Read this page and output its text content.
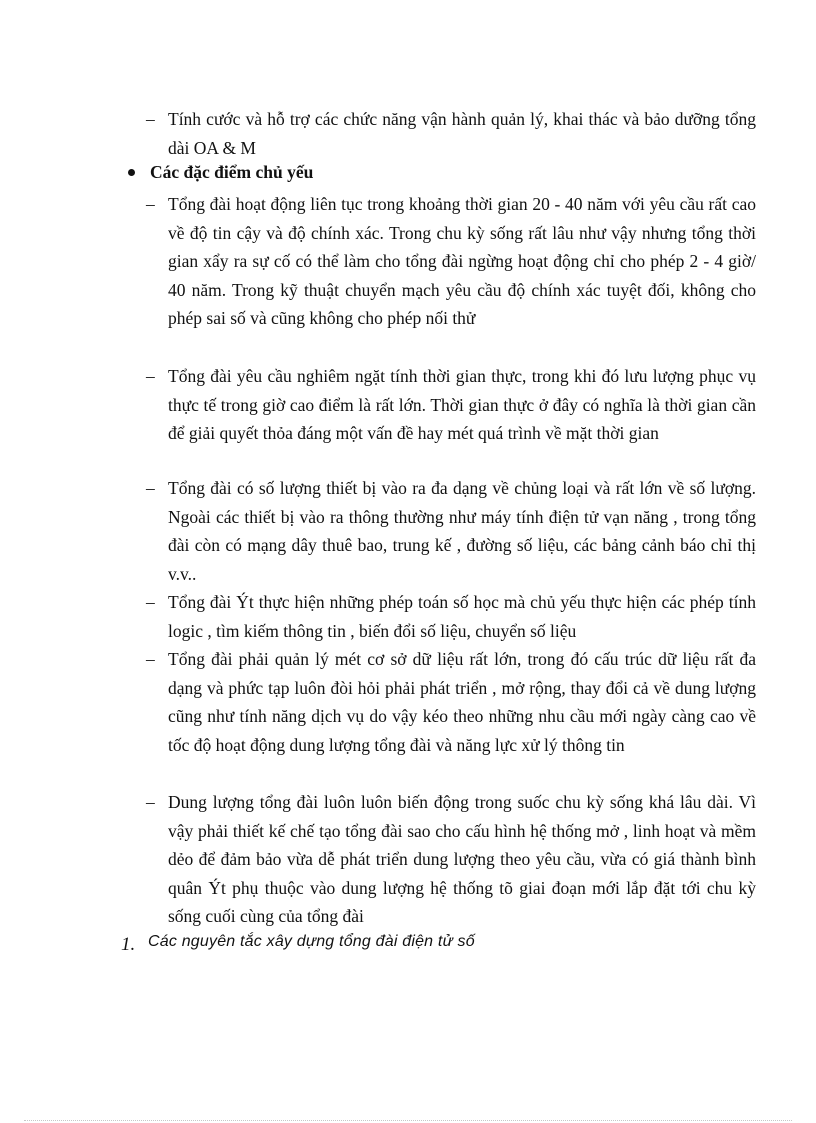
– Tính cước và hỗ trợ các chức năng vận hành quản lý, khai thác và bảo dưỡng tổng dài OA & M
Các đặc điểm chủ yếu
– Tổng đài hoạt động liên tục trong khoảng thời gian 20 - 40 năm với yêu cầu rất cao về độ tin cậy và độ chính xác. Trong chu kỳ sống rất lâu như vậy nhưng tổng thời gian xẩy ra sự cố có thể làm cho tổng đài ngừng hoạt động chỉ cho phép 2 - 4 giờ/ 40 năm. Trong kỹ thuật chuyển mạch yêu cầu độ chính xác tuyệt đối, không cho phép sai số và cũng không cho phép nối thử
– Tổng đài yêu cầu nghiêm ngặt tính thời gian thực, trong khi đó lưu lượng phục vụ thực tế trong giờ cao điểm là rất lớn. Thời gian thực ở đây có nghĩa là thời gian cần để giải quyết thỏa đáng một vấn đề hay mét quá trình về mặt thời gian
– Tổng đài có số lượng thiết bị vào ra đa dạng về chủng loại và rất lớn về số lượng. Ngoài các thiết bị vào ra thông thường như máy tính điện tử vạn năng , trong tổng đài còn có mạng dây thuê bao, trung kế , đường số liệu, các bảng cảnh báo chỉ thị v.v..
– Tổng đài Ýt thực hiện những phép toán số học mà chủ yếu thực hiện các phép tính logic , tìm kiếm thông tin , biến đổi số liệu, chuyển số liệu
– Tổng đài phải quản lý mét cơ sở dữ liệu rất lớn, trong đó cấu trúc dữ liệu rất đa dạng và phức tạp luôn đòi hỏi phải phát triển , mở rộng, thay đổi cả về dung lượng cũng như tính năng dịch vụ do vậy kéo theo những nhu cầu mới ngày càng cao về tốc độ hoạt động dung lượng tổng đài và năng lực xử lý thông tin
– Dung lượng tổng đài luôn luôn biến động trong suốc chu kỳ sống khá lâu dài. Vì vậy phải thiết kế chế tạo tổng đài sao cho cấu hình hệ thống mở , linh hoạt và mềm dẻo để đảm bảo vừa dễ phát triển dung lượng theo yêu cầu, vừa có giá thành bình quân Ýt phụ thuộc vào dung lượng hệ thống tõ giai đoạn mới lắp đặt tới chu kỳ sống cuối cùng của tổng đài
1. Các nguyên tắc xây dựng tổng đài điện tử số
